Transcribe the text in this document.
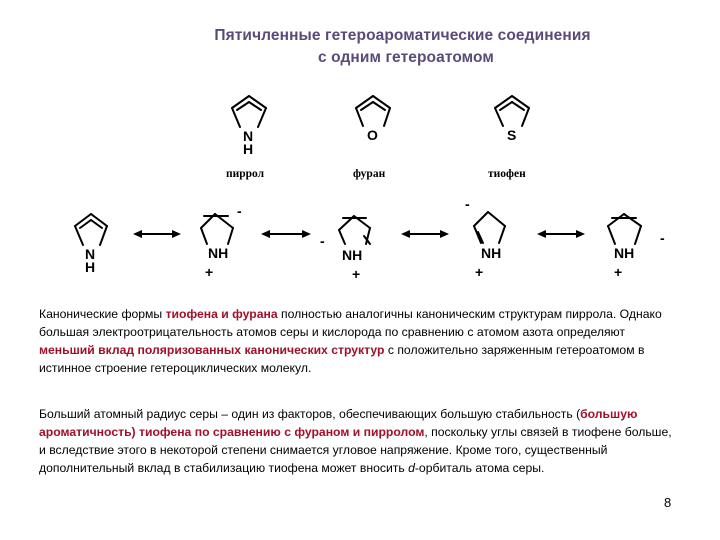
Пятичленные гетероароматические соединения
с одним гетероатомом
N
H
O	S
пиррол	фуран	тиофен
N
H
NH
-
+
NH
-
+
NH
-
+
NH
-
+
Канонические формы тиофена и фурана полностью аналогичны каноническим структурам пиррола. Однако большая электроотрицательность атомов серы и кислорода по сравнению с атомом азота определяют меньший вклад поляризованных канонических структур с положительно заряженным гетероатомом в истинное строение гетероциклических молекул.
Больший атомный радиус серы – один из факторов, обеспечивающих большую стабильность (большую ароматичность) тиофена по сравнению с фураном и пирролом, поскольку углы связей в тиофене больше, и вследствие этого в некоторой степени снимается угловое напряжение. Кроме того, существенный дополнительный вклад в стабилизацию тиофена может вносить d-орбиталь атома серы.
8
